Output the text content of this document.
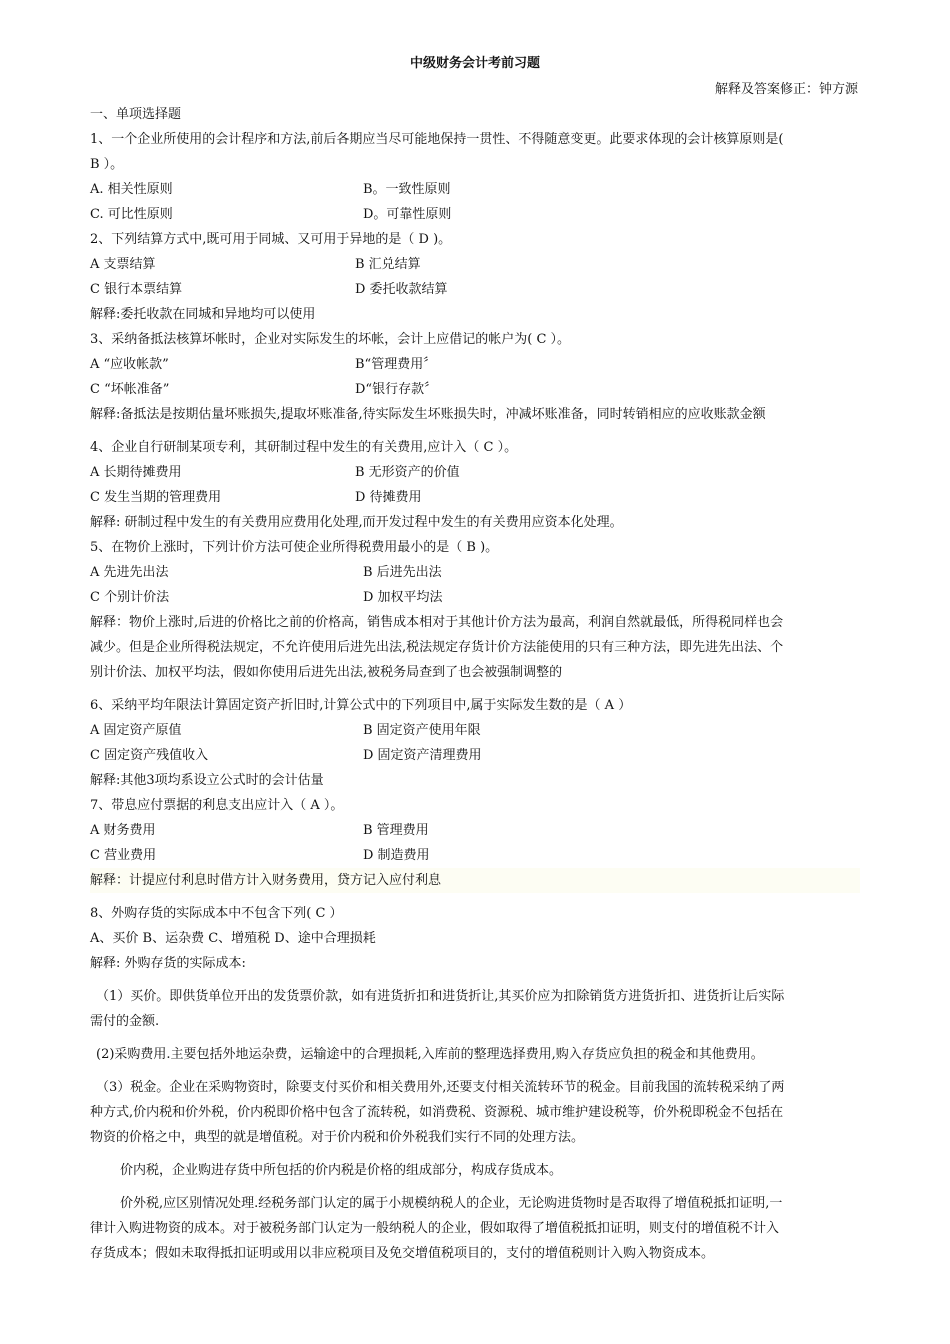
中级财务会计考前习题
解释及答案修正：钟方源
一、单项选择题
1、一个企业所使用的会计程序和方法,前后各期应当尽可能地保持一贯性、不得随意变更。此要求体现的会计核算原则是(
B ）。
A. 相关性原则	B。一致性原则
C. 可比性原则	D。可靠性原则
2、下列结算方式中,既可用于同城、又可用于异地的是（ D )。
A 支票结算	B 汇兑结算
C 银行本票结算	D 委托收款结算
解释:委托收款在同城和异地均可以使用
3、采纳备抵法核算坏帐时，企业对实际发生的坏帐，会计上应借记的帐户为( C ）。
A “应收帐款”	B“管理费用〞
C “坏帐准备”	D“银行存款〞
解释:备抵法是按期估量坏账损失,提取坏账准备,待实际发生坏账损失时，冲减坏账准备，同时转销相应的应收账款金额
4、企业自行研制某项专利，其研制过程中发生的有关费用,应计入（ C ）。
A 长期待摊费用	B 无形资产的价值
C 发生当期的管理费用	D 待摊费用
解释: 研制过程中发生的有关费用应费用化处理,而开发过程中发生的有关费用应资本化处理。
5、在物价上涨时，下列计价方法可使企业所得税费用最小的是（ B )。
A 先进先出法	B 后进先出法
C 个别计价法	D 加权平均法
解释：物价上涨时,后进的价格比之前的价格高，销售成本相对于其他计价方法为最高，利润自然就最低，所得税同样也会
减少。但是企业所得税法规定，不允许使用后进先出法,税法规定存货计价方法能使用的只有三种方法，即先进先出法、个
别计价法、加权平均法，假如你使用后进先出法,被税务局查到了也会被强制调整的
6、采纳平均年限法计算固定资产折旧时,计算公式中的下列项目中,属于实际发生数的是（ A ）
A 固定资产原值	B 固定资产使用年限
C 固定资产残值收入	D 固定资产清理费用
解释:其他3项均系设立公式时的会计估量
7、带息应付票据的利息支出应计入（ A ）。
A 财务费用	B 管理费用
C 营业费用	D 制造费用
解释：计提应付利息时借方计入财务费用，贷方记入应付利息
8、外购存货的实际成本中不包含下列( C ）
A、买价 B、运杂费 C、增殖税 D、途中合理损耗
解释: 外购存货的实际成本:
（1）买价。即供货单位开出的发货票价款，如有进货折扣和进货折让,其买价应为扣除销货方进货折扣、进货折让后实际
需付的金额.
(2)采购费用.主要包括外地运杂费，运输途中的合理损耗,入库前的整理选择费用,购入存货应负担的税金和其他费用。
（3）税金。企业在采购物资时，除要支付买价和相关费用外,还要支付相关流转环节的税金。目前我国的流转税采纳了两
种方式,价内税和价外税，价内税即价格中包含了流转税，如消费税、资源税、城市维护建设税等，价外税即税金不包括在
物资的价格之中，典型的就是增值税。对于价内税和价外税我们实行不同的处理方法。
价内税，企业购进存货中所包括的价内税是价格的组成部分，构成存货成本。
价外税,应区别情况处理.经税务部门认定的属于小规模纳税人的企业，无论购进货物时是否取得了增值税抵扣证明,一
律计入购进物资的成本。对于被税务部门认定为一般纳税人的企业，假如取得了增值税抵扣证明，则支付的增值税不计入
存货成本；假如未取得抵扣证明或用以非应税项目及免交增值税项目的，支付的增值税则计入购入物资成本。
